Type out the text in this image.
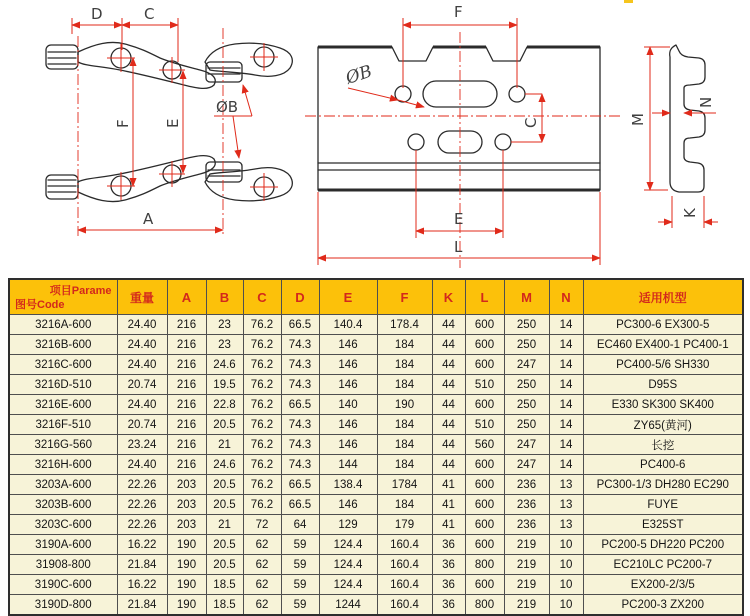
D	C
F E
ØB
A
F
ØB
C
E
L
M
N
K
项目Parame
图号Code	重量	A	B	C	D	E	F	K	L	M	N	适用机型
3216A-600	24.40	216	23	76.2	66.5	140.4	178.4	44	600	250	14	PC300-6 EX300-5
3216B-600	24.40	216	23	76.2	74.3	146	184	44	600	250	14	EC460 EX400-1 PC400-1
3216C-600	24.40	216	24.6	76.2	74.3	146	184	44	600	247	14	PC400-5/6 SH330
3216D-510	20.74	216	19.5	76.2	74.3	146	184	44	510	250	14	D95S
3216E-600	24.40	216	22.8	76.2	66.5	140	190	44	600	250	14	E330 SK300 SK400
3216F-510	20.74	216	20.5	76.2	74.3	146	184	44	510	250	14	ZY65(黄河)
3216G-560	23.24	216	21	76.2	74.3	146	184	44	560	247	14	长挖
3216H-600	24.40	216	24.6	76.2	74.3	144	184	44	600	247	14	PC400-6
3203A-600	22.26	203	20.5	76.2	66.5	138.4	1784	41	600	236	13	PC300-1/3 DH280 EC290
3203B-600	22.26	203	20.5	76.2	66.5	146	184	41	600	236	13	FUYE
3203C-600	22.26	203	21	72	64	129	179	41	600	236	13	E325ST
3190A-600	16.22	190	20.5	62	59	124.4	160.4	36	600	219	10	PC200-5 DH220 PC200
31908-800	21.84	190	20.5	62	59	124.4	160.4	36	800	219	10	EC210LC PC200-7
3190C-600	16.22	190	18.5	62	59	124.4	160.4	36	600	219	10	EX200-2/3/5
3190D-800	21.84	190	18.5	62	59	1244	160.4	36	800	219	10	PC200-3 ZX200
